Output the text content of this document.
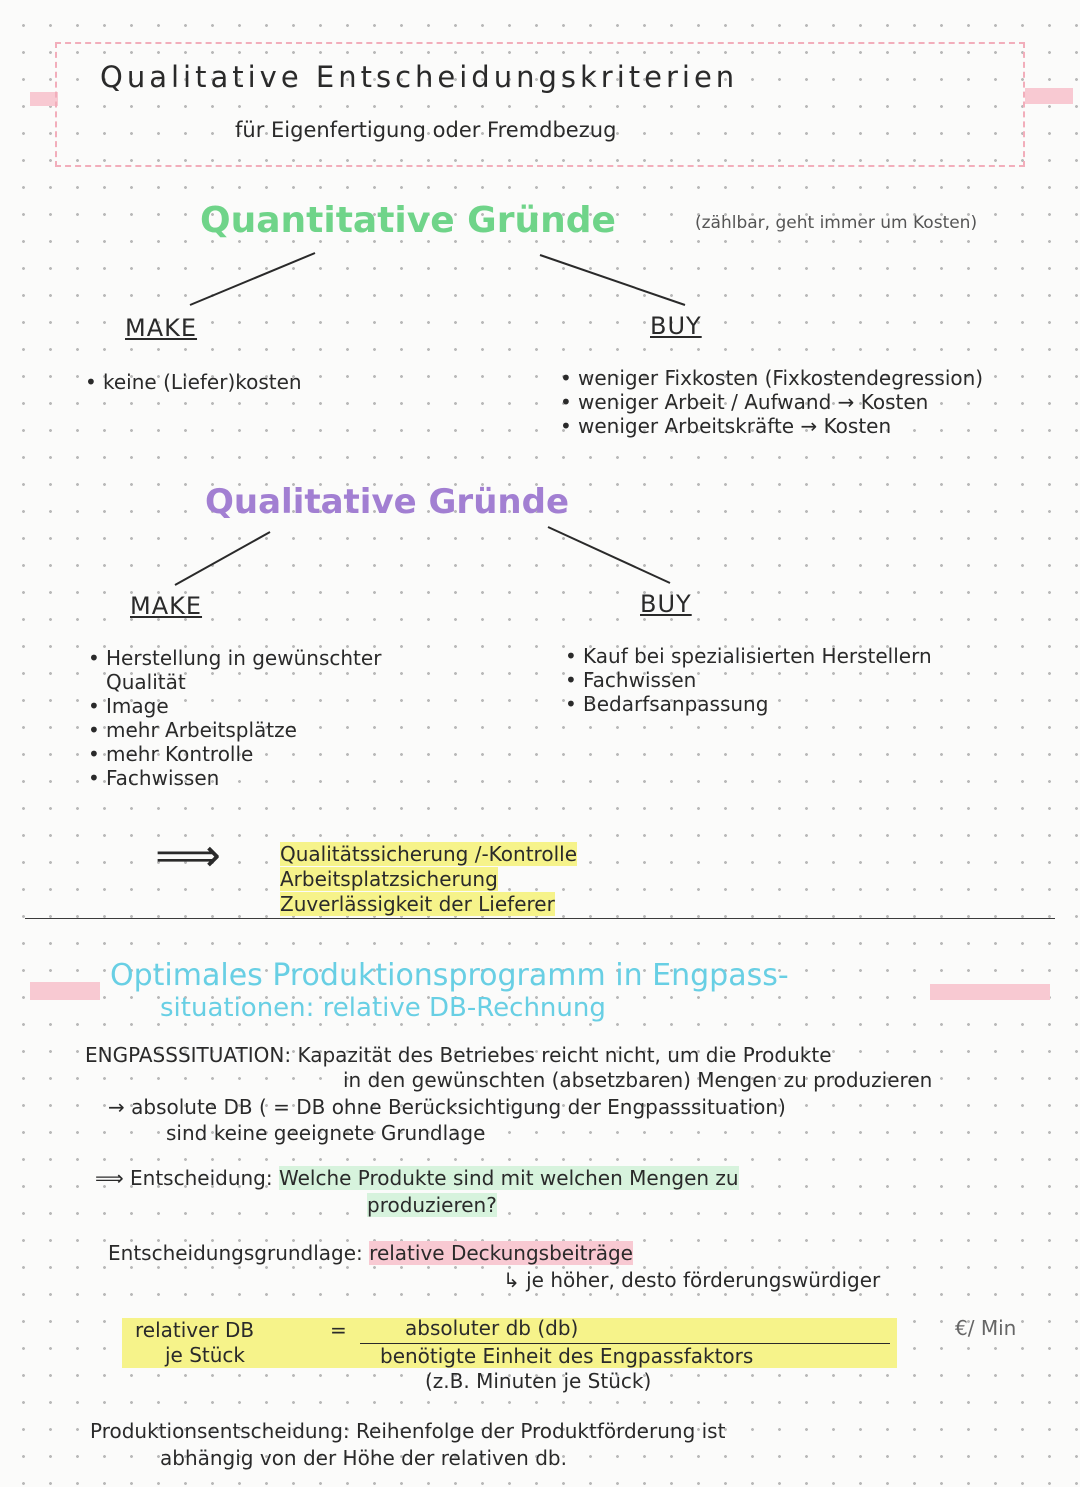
Qualitative Entscheidungskriterien
für Eigenfertigung oder Fremdbezug
Quantitative Gründe	(zählbar, geht immer um Kosten)
MAKE	BUY
• keine (Liefer)kosten
•	weniger Fixkosten (Fixkostendegression)
• weniger Arbeit / Aufwand → Kosten
• weniger Arbeitskräfte → Kosten
Qualitative Gründe
MAKE	BUY
• Herstellung in gewünschter Qualität
• Image
• mehr Arbeitsplätze
• mehr Kontrolle
• Fachwissen
• Kauf bei spezialisierten Herstellern
• Fachwissen
• Bedarfsanpassung
⟹	Qualitätssicherung /-Kontrolle
Arbeitsplatzsicherung
Zuverlässigkeit der Lieferer
Optimales Produktionsprogramm in Engpass-
situationen: relative DB-Rechnung
ENGPASSSITUATION: Kapazität des Betriebes reicht nicht, um die Produkte
in den gewünschten (absetzbaren) Mengen zu produzieren
→ absolute DB ( = DB ohne Berücksichtigung der Engpasssituation)
sind keine geeignete Grundlage
⟹ Entscheidung: Welche Produkte sind mit welchen Mengen zu
produzieren?
Entscheidungsgrundlage: relative Deckungsbeiträge
↳ je höher, desto förderungswürdiger
relativer DB
je Stück
=	absoluter db (db)
benötigte Einheit des Engpassfaktors
(z.B. Minuten je Stück)
€/ Min
Produktionsentscheidung: Reihenfolge der Produktförderung ist
abhängig von der Höhe der relativen db.
